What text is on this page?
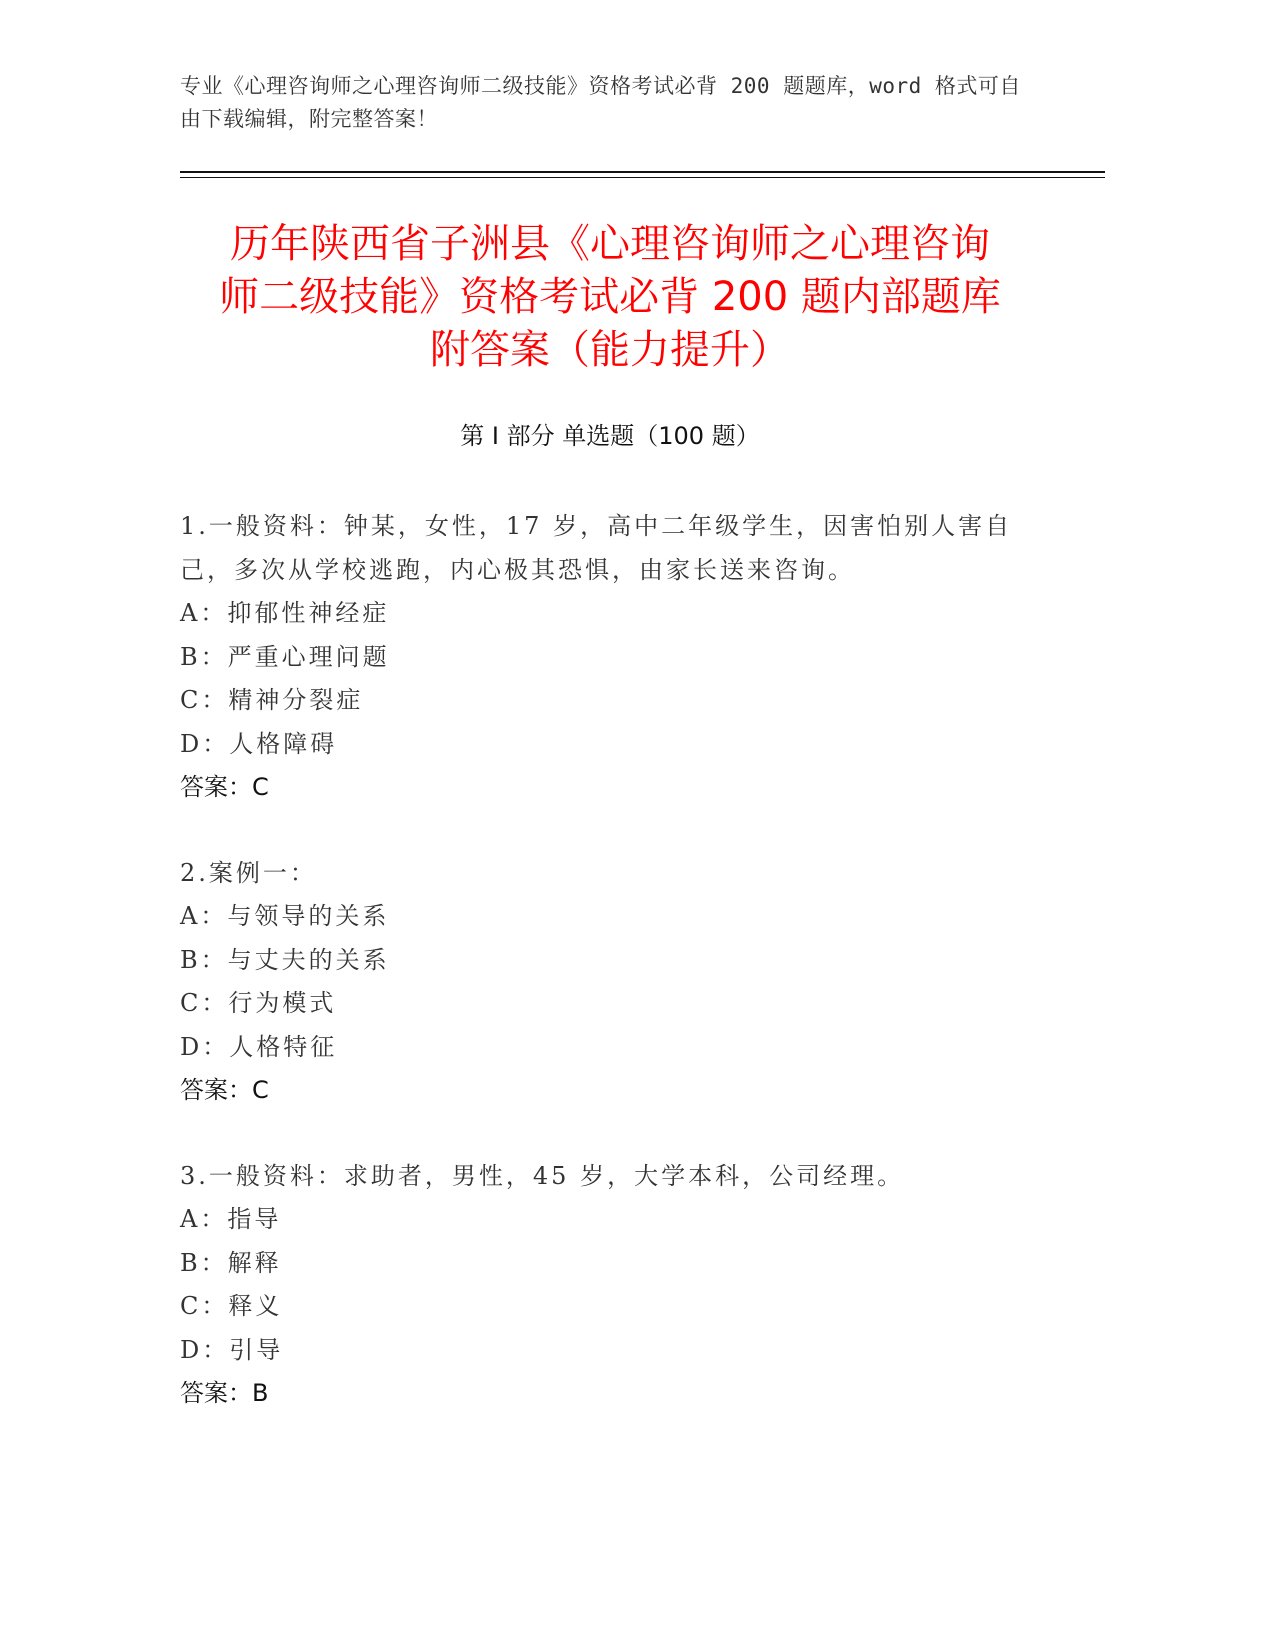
专业《心理咨询师之心理咨询师二级技能》资格考试必背 200 题题库，word 格式可自由下载编辑，附完整答案！
历年陕西省子洲县《心理咨询师之心理咨询
师二级技能》资格考试必背 200 题内部题库
附答案（能力提升）
第 I 部分 单选题（100 题）
1.一般资料：钟某，女性，17 岁，高中二年级学生，因害怕别人害自己，多次从学校逃跑，内心极其恐惧，由家长送来咨询。
A：抑郁性神经症
B：严重心理问题
C：精神分裂症
D：人格障碍
答案：C
2.案例一：
A：与领导的关系
B：与丈夫的关系
C：行为模式
D：人格特征
答案：C
3.一般资料：求助者，男性，45 岁，大学本科，公司经理。
A：指导
B：解释
C：释义
D：引导
答案：B
